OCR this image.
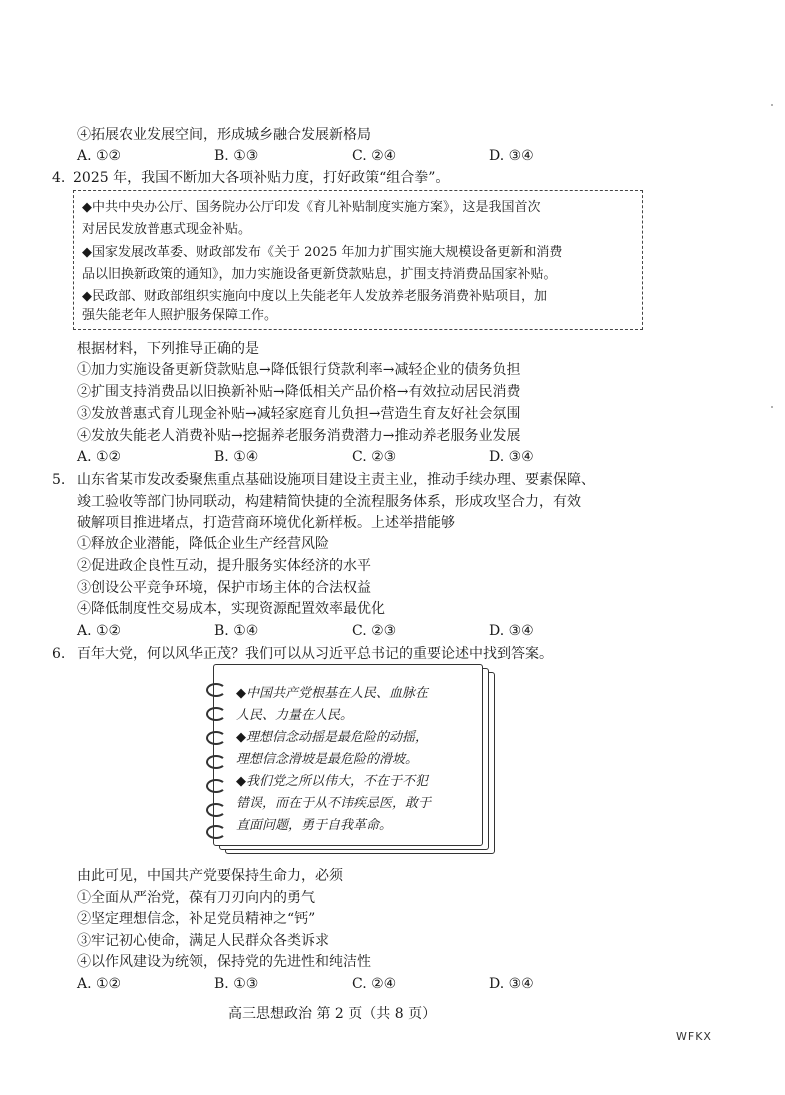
④拓展农业发展空间，形成城乡融合发展新格局
A. ①②	B. ①③	C. ②④	D. ③④
4. 2025 年，我国不断加大各项补贴力度，打好政策“组合拳”。
◆中共中央办公厅、国务院办公厅印发《育儿补贴制度实施方案》，这是我国首次
对居民发放普惠式现金补贴。
◆国家发展改革委、财政部发布《关于 2025 年加力扩围实施大规模设备更新和消费
品以旧换新政策的通知》，加力实施设备更新贷款贴息，扩围支持消费品国家补贴。
◆民政部、财政部组织实施向中度以上失能老年人发放养老服务消费补贴项目，加
强失能老年人照护服务保障工作。
根据材料，下列推导正确的是
①加力实施设备更新贷款贴息→降低银行贷款利率→减轻企业的债务负担
②扩围支持消费品以旧换新补贴→降低相关产品价格→有效拉动居民消费
③发放普惠式育儿现金补贴→减轻家庭育儿负担→营造生育友好社会氛围
④发放失能老人消费补贴→挖掘养老服务消费潜力→推动养老服务业发展
A. ①②	B. ①④	C. ②③	D. ③④
5. 山东省某市发改委聚焦重点基础设施项目建设主责主业，推动手续办理、要素保障、
竣工验收等部门协同联动，构建精简快捷的全流程服务体系，形成攻坚合力，有效
破解项目推进堵点，打造营商环境优化新样板。上述举措能够
①释放企业潜能，降低企业生产经营风险
②促进政企良性互动，提升服务实体经济的水平
③创设公平竞争环境，保护市场主体的合法权益
④降低制度性交易成本，实现资源配置效率最优化
A. ①②	B. ①④	C. ②③	D. ③④
6. 百年大党，何以风华正茂？我们可以从习近平总书记的重要论述中找到答案。
◆中国共产党根基在人民、血脉在
人民、力量在人民。
◆理想信念动摇是最危险的动摇，
理想信念滑坡是最危险的滑坡。
◆我们党之所以伟大，不在于不犯
错误，而在于从不讳疾忌医，敢于
直面问题，勇于自我革命。
由此可见，中国共产党要保持生命力，必须
①全面从严治党，葆有刀刃向内的勇气
②坚定理想信念，补足党员精神之“钙”
③牢记初心使命，满足人民群众各类诉求
④以作风建设为统领，保持党的先进性和纯洁性
A. ①②	B. ①③	C. ②④	D. ③④
高三思想政治 第 2 页（共 8 页）
WFKX
